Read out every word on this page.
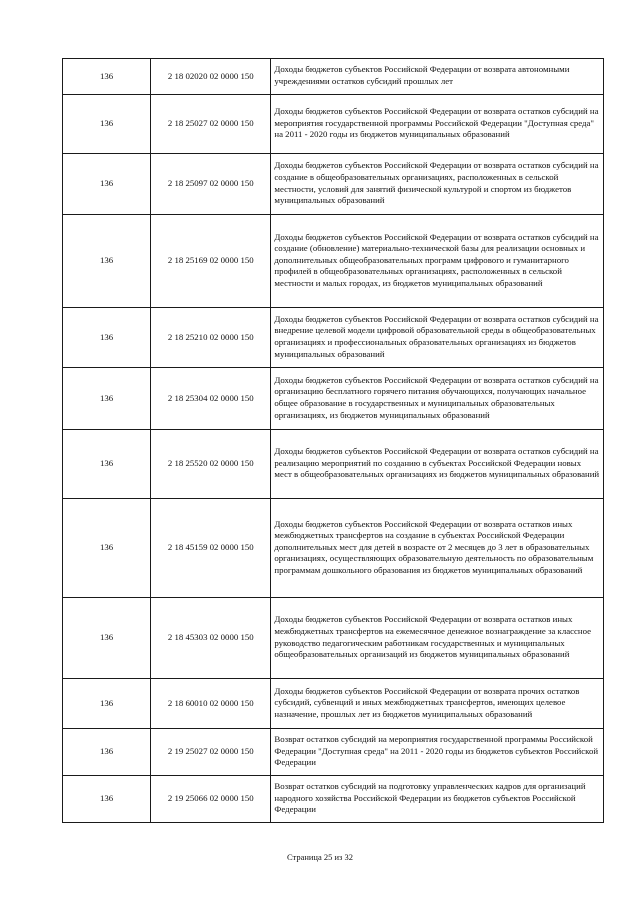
136	2 18 02020 02 0000 150	Доходы бюджетов субъектов Российской Федерации от возврата автономными учреждениями остатков субсидий прошлых лет
136	2 18 25027 02 0000 150	Доходы бюджетов субъектов Российской Федерации от возврата остатков субсидий на мероприятия государственной программы Российской Федерации "Доступная среда" на 2011 - 2020 годы из бюджетов муниципальных образований
136	2 18 25097 02 0000 150	Доходы бюджетов субъектов Российской Федерации от возврата остатков субсидий на создание в общеобразовательных организациях, расположенных в сельской местности, условий для занятий физической культурой и спортом из бюджетов муниципальных образований
136	2 18 25169 02 0000 150	Доходы бюджетов субъектов Российской Федерации от возврата остатков субсидий на создание (обновление) материально-технической базы для реализации основных и дополнительных общеобразовательных программ цифрового и гуманитарного профилей в общеобразовательных организациях, расположенных в сельской местности и малых городах, из бюджетов муниципальных образований
136	2 18 25210 02 0000 150	Доходы бюджетов субъектов Российской Федерации от возврата остатков субсидий на внедрение целевой модели цифровой образовательной среды в общеобразовательных организациях и профессиональных образовательных организациях из бюджетов муниципальных образований
136	2 18 25304 02 0000 150	Доходы бюджетов субъектов Российской Федерации от возврата остатков субсидий на организацию бесплатного горячего питания обучающихся, получающих начальное общее образование в государственных и муниципальных образовательных организациях, из бюджетов муниципальных образований
136	2 18 25520 02 0000 150	Доходы бюджетов субъектов Российской Федерации от возврата остатков субсидий на реализацию мероприятий по созданию в субъектах Российской Федерации новых мест в общеобразовательных организациях из бюджетов муниципальных образований
136	2 18 45159 02 0000 150	Доходы бюджетов субъектов Российской Федерации от возврата остатков иных межбюджетных трансфертов на создание в субъектах Российской Федерации дополнительных мест для детей в возрасте от 2 месяцев до 3 лет в образовательных организациях, осуществляющих образовательную деятельность по образовательным программам дошкольного образования из бюджетов муниципальных образований
136	2 18 45303 02 0000 150	Доходы бюджетов субъектов Российской Федерации от возврата остатков иных межбюджетных трансфертов на ежемесячное денежное вознаграждение за классное руководство педагогическим работникам государственных и муниципальных общеобразовательных организаций из бюджетов муниципальных образований
136	2 18 60010 02 0000 150	Доходы бюджетов субъектов Российской Федерации от возврата прочих остатков субсидий, субвенций и иных межбюджетных трансфертов, имеющих целевое назначение, прошлых лет из бюджетов муниципальных образований
136	2 19 25027 02 0000 150	Возврат остатков субсидий на мероприятия государственной программы Российской Федерации "Доступная среда" на 2011 - 2020 годы из бюджетов субъектов Российской Федерации
136	2 19 25066 02 0000 150	Возврат остатков субсидий на подготовку управленческих кадров для организаций народного хозяйства Российской Федерации из бюджетов субъектов Российской Федерации
Страница 25 из 32
